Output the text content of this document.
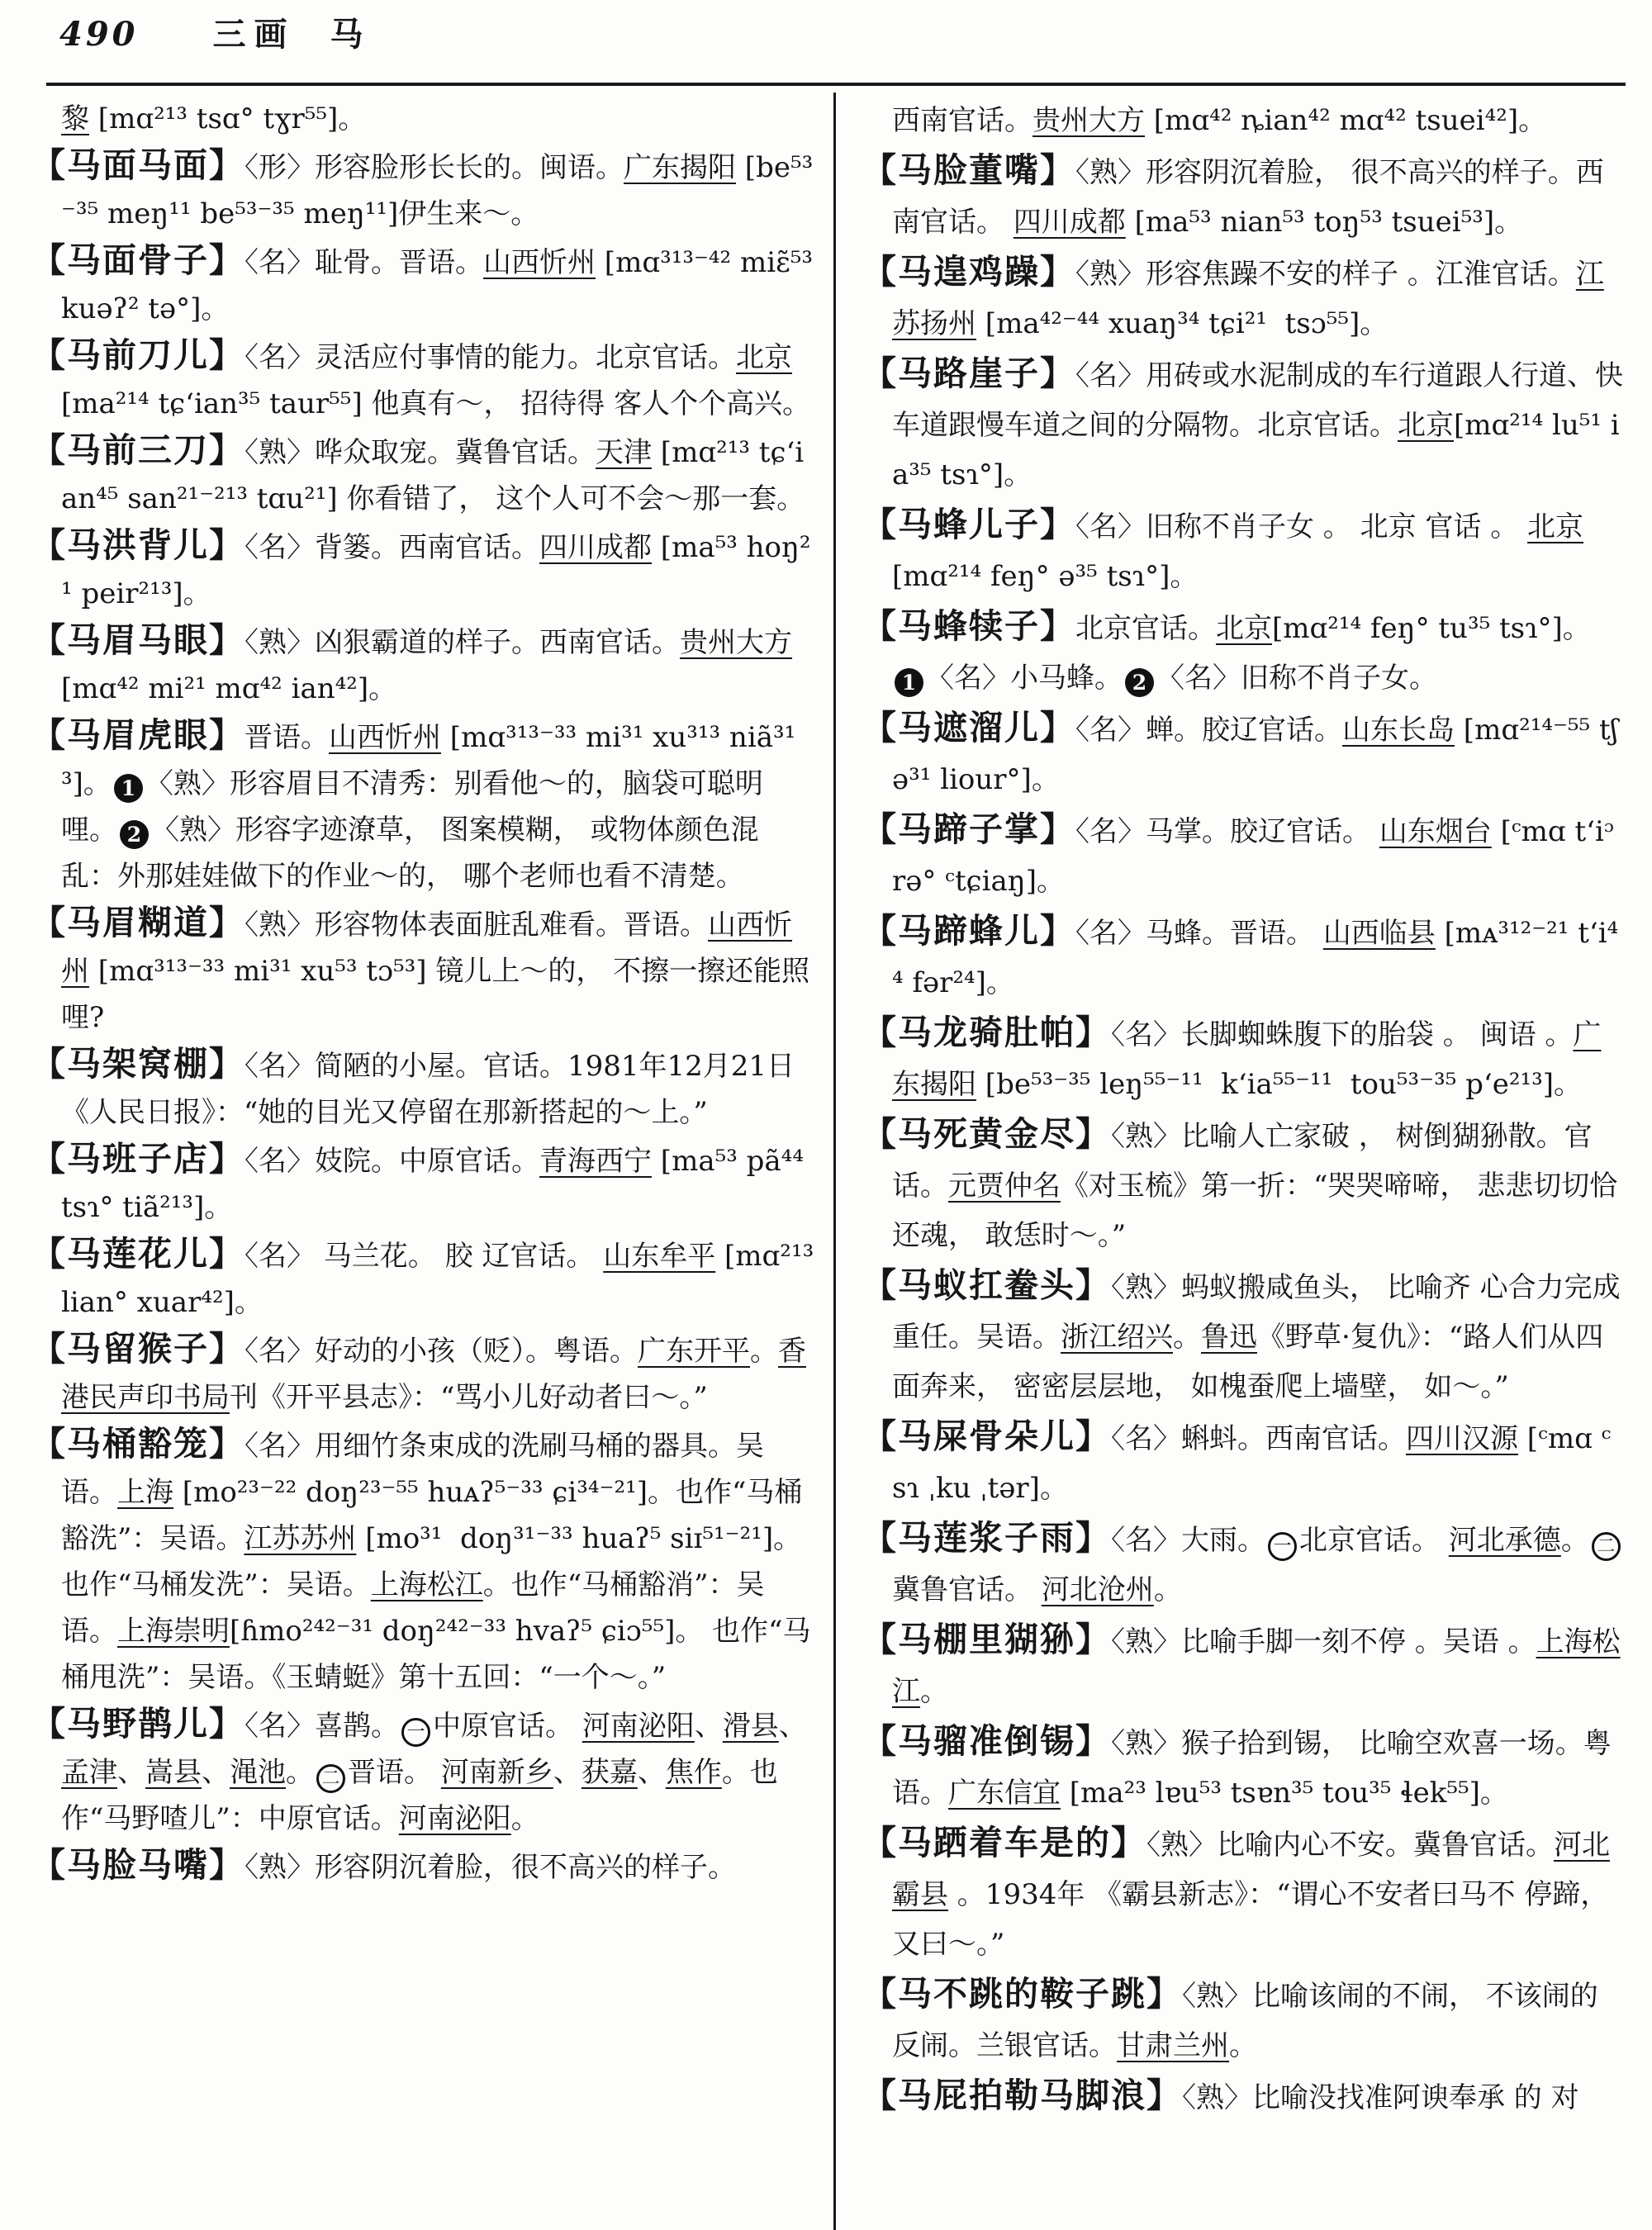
490 三画 马
黎 [mɑ²¹³ tsɑ° tɣr⁵⁵]。
【马面马面】〈形〉形容脸形长长的。闽语。广东揭阳 [be⁵³⁻³⁵ meŋ¹¹ be⁵³⁻³⁵ meŋ¹¹]伊生来～。
【马面骨子】〈名〉耻骨。晋语。山西忻州 [mɑ³¹³⁻⁴² miɛ̃⁵³ kuəʔ² tə°]。
【马前刀儿】〈名〉灵活应付事情的能力。北京官话。北京[ma²¹⁴ tɕ‘ian³⁵ taur⁵⁵] 他真有～， 招待得 客人个个高兴。
【马前三刀】〈熟〉哗众取宠。冀鲁官话。天津 [mɑ²¹³ tɕ‘ian⁴⁵ san²¹⁻²¹³ tɑu²¹] 你看错了， 这个人可不会～那一套。
【马洪背儿】〈名〉背篓。西南官话。四川成都 [ma⁵³ hoŋ²¹ peir²¹³]。
【马眉马眼】〈熟〉凶狠霸道的样子。西南官话。贵州大方 [mɑ⁴² mi²¹ mɑ⁴² ian⁴²]。
【马眉虎眼】晋语。山西忻州 [mɑ³¹³⁻³³ mi³¹ xu³¹³ niã³¹³]。 1 〈熟〉形容眉目不清秀：别看他～的，脑袋可聪明哩。 2 〈熟〉形容字迹潦草， 图案模糊， 或物体颜色混乱：外那娃娃做下的作业～的， 哪个老师也看不清楚。
【马眉糊道】〈熟〉形容物体表面脏乱难看。晋语。山西忻州 [mɑ³¹³⁻³³ mi³¹ xu⁵³ tɔ⁵³] 镜儿上～的， 不擦一擦还能照哩?
【马架窝棚】〈名〉简陋的小屋。官话。1981年12月21日《人民日报》：“她的目光又停留在那新搭起的～上。”
【马班子店】〈名〉妓院。中原官话。青海西宁 [ma⁵³ pã⁴⁴ tsɿ° tiã²¹³]。
【马莲花儿】〈名〉 马兰花。 胶 辽官话。 山东牟平 [mɑ²¹³ lian° xuar⁴²]。
【马留猴子】〈名〉好动的小孩（贬）。粤语。广东开平。香港民声印书局刊《开平县志》：“骂小儿好动者曰～。”
【马桶豁笼】〈名〉用细竹条束成的洗刷马桶的器具。吴语。上海 [mo²³⁻²² doŋ²³⁻⁵⁵ huᴀʔ⁵⁻³³ ɕi³⁴⁻²¹]。也作“马桶豁洗”：吴语。江苏苏州 [mo³¹  doŋ³¹⁻³³ huaʔ⁵ siɪ⁵¹⁻²¹]。也作“马桶发洗”：吴语。上海松江。也作“马桶豁消”：吴语。上海崇明[ɦmo²⁴²⁻³¹ doŋ²⁴²⁻³³ hvaʔ⁵ ɕiɔ⁵⁵]。 也作“马桶甩洗”：吴语。《玉蜻蜓》第十五回：“一个～。”
【马野鹊儿】〈名〉喜鹊。 一 中原官话。 河南泌阳、滑县、孟津、嵩县、渑池。 二 晋语。 河南新乡、获嘉、焦作。也作“马野喳儿”：中原官话。河南泌阳。
【马脸马嘴】〈熟〉形容阴沉着脸，很不高兴的样子。
西南官话。贵州大方 [mɑ⁴² ȵian⁴² mɑ⁴² tsuei⁴²]。
【马脸董嘴】〈熟〉形容阴沉着脸， 很不高兴的样子。西南官话。 四川成都 [ma⁵³ nian⁵³ toŋ⁵³ tsuei⁵³]。
【马遑鸡躁】〈熟〉形容焦躁不安的样子 。江淮官话。江苏扬州 [ma⁴²⁻⁴⁴ xuaŋ³⁴ tɕi²¹  tsɔ⁵⁵]。
【马路崖子】〈名〉用砖或水泥制成的车行道跟人行道、快车道跟慢车道之间的分隔物。北京官话。北京[mɑ²¹⁴ lu⁵¹ ia³⁵ tsɿ°]。
【马蜂儿子】〈名〉旧称不肖子女 。 北京 官话 。 北京 [mɑ²¹⁴ feŋ° ə³⁵ tsɿ°]。
【马蜂犊子】北京官话。北京[mɑ²¹⁴ feŋ° tu³⁵ tsɿ°]。1 〈名〉小马蜂。 2 〈名〉旧称不肖子女。
【马遮溜儿】〈名〉蝉。胶辽官话。山东长岛 [mɑ²¹⁴⁻⁵⁵ tʃə³¹ liour°]。
【马蹄子掌】〈名〉马掌。胶辽官话。 山东烟台 [ᶜmɑ t‘iᵓ rə° ᶜtɕiaŋ]。
【马蹄蜂儿】〈名〉马蜂。晋语。 山西临县 [mᴀ³¹²⁻²¹ t‘i⁴⁴ fər²⁴]。
【马龙骑肚帕】〈名〉长脚蜘蛛腹下的胎袋 。 闽语 。广东揭阳 [be⁵³⁻³⁵ leŋ⁵⁵⁻¹¹  k‘ia⁵⁵⁻¹¹  tou⁵³⁻³⁵ p‘e²¹³]。
【马死黄金尽】〈熟〉比喻人亡家破 ， 树倒猢狲散。官话。元贾仲名《对玉梳》第一折：“哭哭啼啼， 悲悲切切恰还魂， 敢恁时～。”
【马蚁扛鲞头】〈熟〉蚂蚁搬咸鱼头， 比喻齐 心合力完成重任。吴语。浙江绍兴。鲁迅《野草·复仇》：“路人们从四面奔来， 密密层层地， 如槐蚕爬上墙壁， 如～。”
【马屎骨朵儿】〈名〉蝌蚪。西南官话。四川汉源 [ᶜmɑ ᶜsɿ ˌku ˌtər]。
【马莲浆子雨】〈名〉大雨。 一 北京官话。 河北承德。 二冀鲁官话。 河北沧州。
【马棚里猢狲】〈熟〉比喻手脚一刻不停 。吴语 。上海松江。
【马骝准倒锡】〈熟〉猴子拾到锡， 比喻空欢喜一场。粤语。广东信宜 [ma²³ lɐu⁵³ tsɐn³⁵ tou³⁵ ɬek⁵⁵]。
【马跴着车是的】〈熟〉比喻内心不安。冀鲁官话。河北霸县 。1934年 《霸县新志》：“谓心不安者曰马不 停蹄， 又曰～。”
【马不跳的鞍子跳】〈熟〉比喻该闹的不闹， 不该闹的反闹。兰银官话。甘肃兰州。
【马屁拍勒马脚浪】〈熟〉比喻没找准阿谀奉承 的 对
